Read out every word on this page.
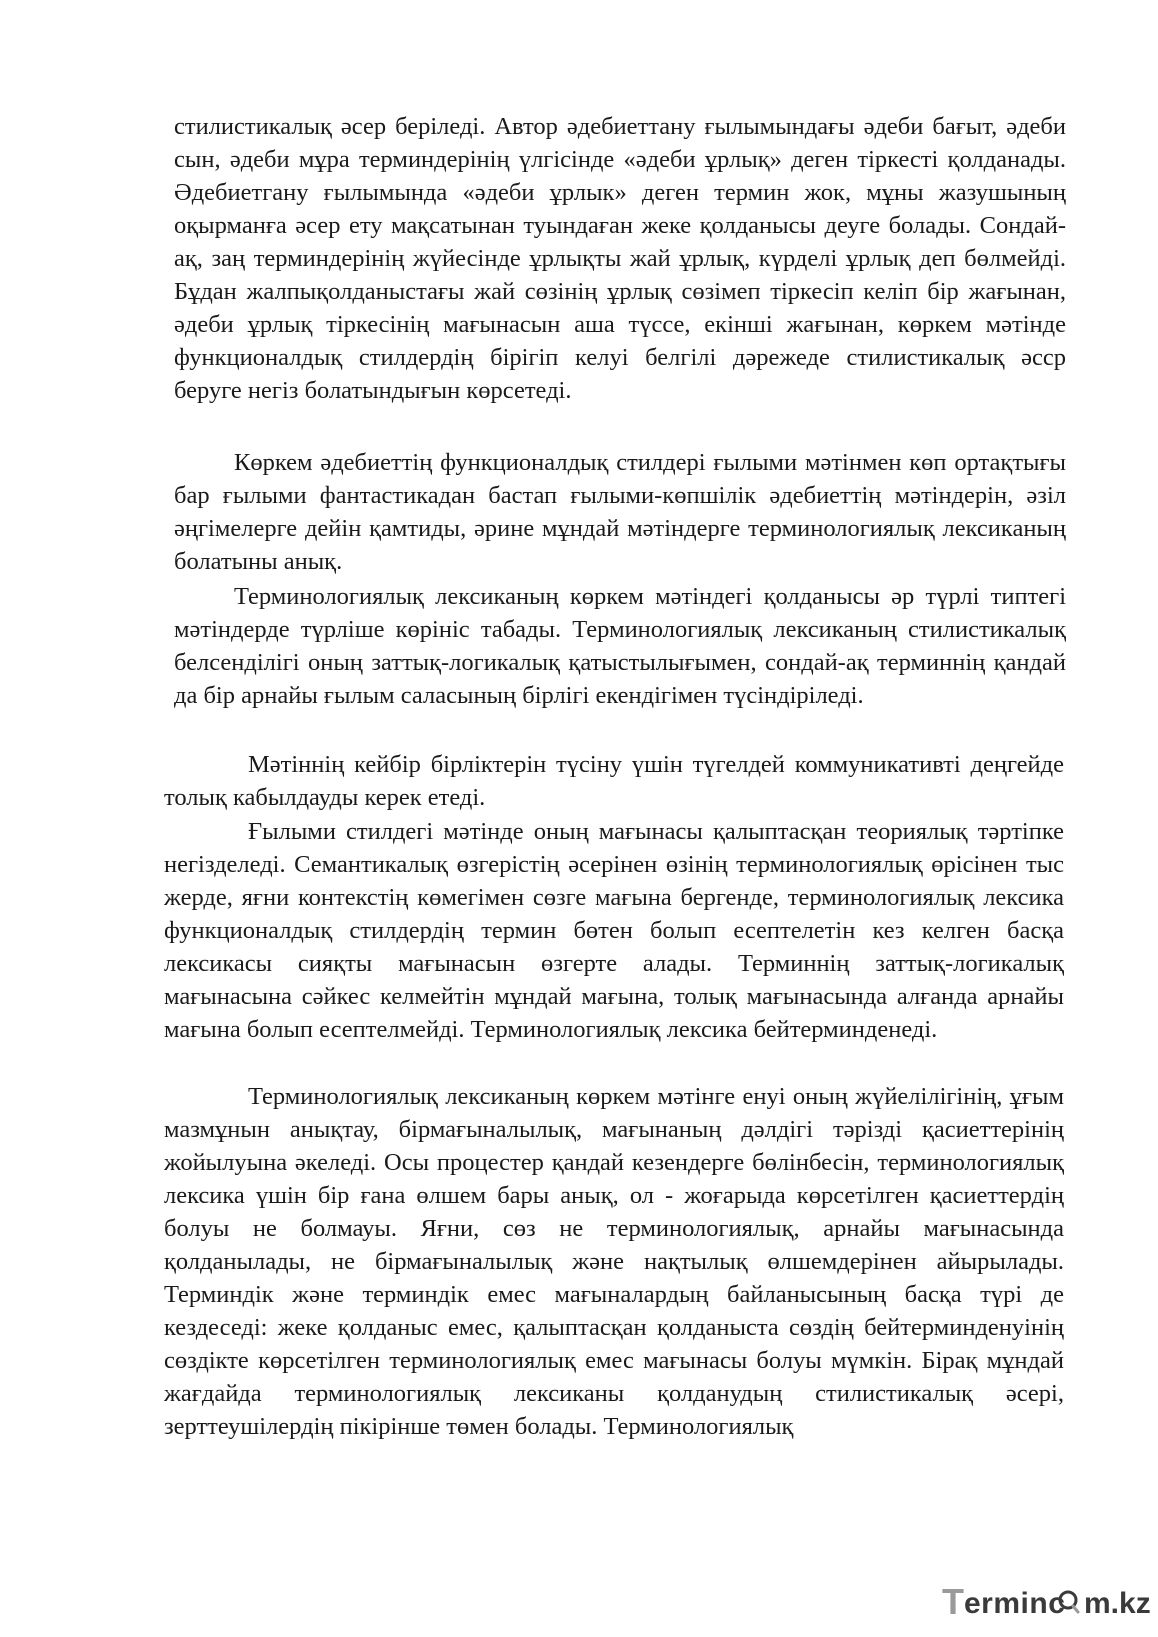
стилистикалық әсер беріледі. Автор әдебиеттану ғылымындағы әдеби бағыт, әдеби сын, әдеби мұра терминдерінің үлгісінде «әдеби ұрлық» деген тіркесті қолданады. Әдебиетгану ғылымында «әдеби ұрлык» деген термин жок, мұны жазушының оқырманға әсер ету мақсатынан туындаған жеке қолданысы деуге болады. Сондай-ақ, заң терминдерінің жүйесінде ұрлықты жай ұрлық, күрделі ұрлық деп бөлмейді. Бұдан жалпықолданыстағы жай сөзінің ұрлық сөзімеп тіркесіп келіп бір жағынан, әдеби ұрлық тіркесінің мағынасын аша түссе, екінші жағынан, көркем мәтінде функционалдық стилдердің бірігіп келуі белгілі дәрежеде стилистикалық әсср беруге негіз болатындығын көрсетеді.

Көркем әдебиеттің функционалдық стилдері ғылыми мәтінмен көп ортақтығы бар ғылыми фантастикадан бастап ғылыми-көпшілік әдебиеттің мәтіндерін, әзіл әңгімелерге дейін қамтиды, әрине мұндай мәтіндерге терминологиялық лексиканың болатыны анық.

Терминологиялық лексиканың көркем мәтіндегі қолданысы әр түрлі типтегі мәтіндерде түрліше көрініс табады. Терминологиялық лексиканың стилистикалық белсенділігі оның заттық-логикалық қатыстылығымен, сондай-ақ терминнің қандай да бір арнайы ғылым саласының бірлігі екендігімен түсіндіріледі.

Мәтіннің кейбір бірліктерін түсіну үшін түгелдей коммуникативті деңгейде толық кабылдауды керек етеді.

Ғылыми стилдегі мәтінде оның мағынасы қалыптасқан теориялық тәртіпке негізделеді. Семантикалық өзгерістің әсерінен өзінің терминологиялық өрісінен тыс жерде, яғни контекстің көмегімен сөзге мағына бергенде, терминологиялық лексика функционалдық стилдердің термин бөтен болып есептелетін кез келген басқа лексикасы сияқты мағынасын өзгерте алады. Терминнің заттық-логикалық мағынасына сәйкес келмейтін мұндай мағына, толық мағынасында алғанда арнайы мағына болып есептелмейді. Терминологиялық лексика бейтерминденеді.

Терминологиялық лексиканың көркем мәтінге енуі оның жүйелілігінің, ұғым мазмұнын анықтау, бірмағыналылық, мағынаның дәлдігі тәрізді қасиеттерінің жойылуына әкеледі. Осы процестер қандай кезендерге бөлінбесін, терминологиялық лексика үшін бір ғана өлшем бары анық, ол - жоғарыда көрсетілген қасиеттердің болуы не болмауы. Яғни, сөз не терминологиялық, арнайы мағынасында қолданылады, не бірмағыналылық және нақтылық өлшемдерінен айырылады. Терминдік және терминдік емес мағыналардың байланысының басқа түрі де кездеседі: жеке қолданыс емес, қалыптасқан қолданыста сөздің бейтерминденуінің сөздікте көрсетілген терминологиялық емес мағынасы болуы мүмкін. Бірақ мұндай жағдайда терминологиялық лексиканы қолданудың стилистикалық әсері, зерттеушілердің пікірінше төмен болады. Терминологиялық

T erminc m.kz
